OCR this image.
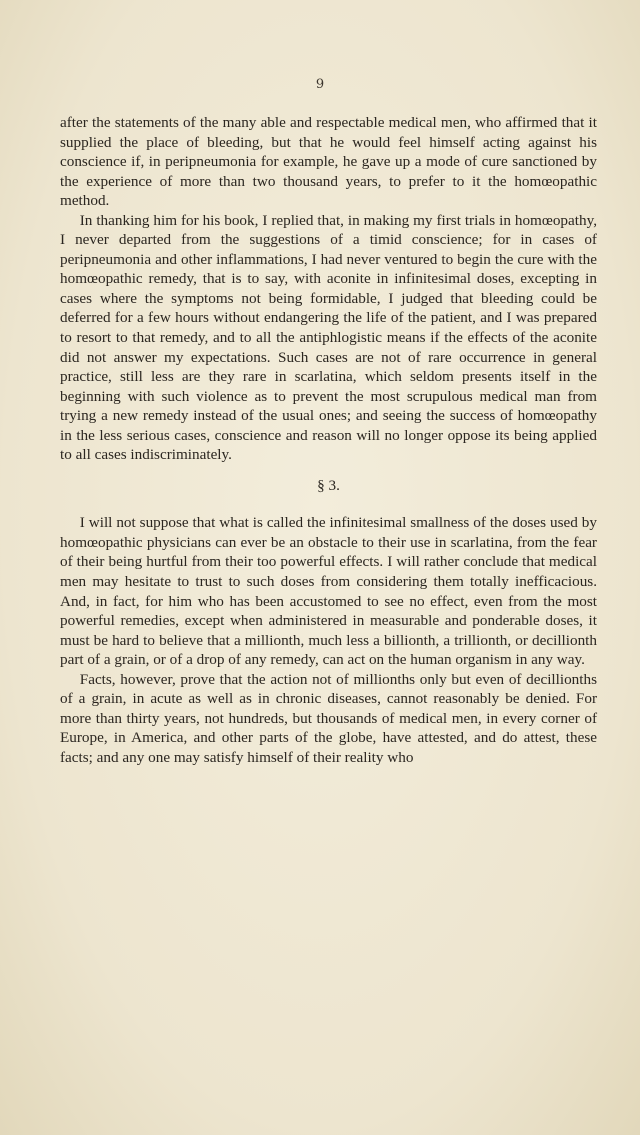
9

after the statements of the many able and respectable medical men, who affirmed that it supplied the place of bleeding, but that he would feel himself acting against his conscience if, in peripneumonia for example, he gave up a mode of cure sanctioned by the experience of more than two thousand years, to prefer to it the homœopathic method.

In thanking him for his book, I replied that, in making my first trials in homœopathy, I never departed from the suggestions of a timid conscience; for in cases of peripneumonia and other inflammations, I had never ventured to begin the cure with the homœopathic remedy, that is to say, with aconite in infinitesimal doses, excepting in cases where the symptoms not being formidable, I judged that bleeding could be deferred for a few hours without endangering the life of the patient, and I was prepared to resort to that remedy, and to all the antiphlogistic means if the effects of the aconite did not answer my expectations. Such cases are not of rare occurrence in general practice, still less are they rare in scarlatina, which seldom presents itself in the beginning with such violence as to prevent the most scrupulous medical man from trying a new remedy instead of the usual ones; and seeing the success of homœopathy in the less serious cases, conscience and reason will no longer oppose its being applied to all cases indiscriminately.

§ 3.

I will not suppose that what is called the infinitesimal smallness of the doses used by homœopathic physicians can ever be an obstacle to their use in scarlatina, from the fear of their being hurtful from their too powerful effects. I will rather conclude that medical men may hesitate to trust to such doses from considering them totally inefficacious. And, in fact, for him who has been accustomed to see no effect, even from the most powerful remedies, except when administered in measurable and ponderable doses, it must be hard to believe that a millionth, much less a billionth, a trillionth, or decillionth part of a grain, or of a drop of any remedy, can act on the human organism in any way.

Facts, however, prove that the action not of millionths only but even of decillionths of a grain, in acute as well as in chronic diseases, cannot reasonably be denied. For more than thirty years, not hundreds, but thousands of medical men, in every corner of Europe, in America, and other parts of the globe, have attested, and do attest, these facts; and any one may satisfy himself of their reality who
